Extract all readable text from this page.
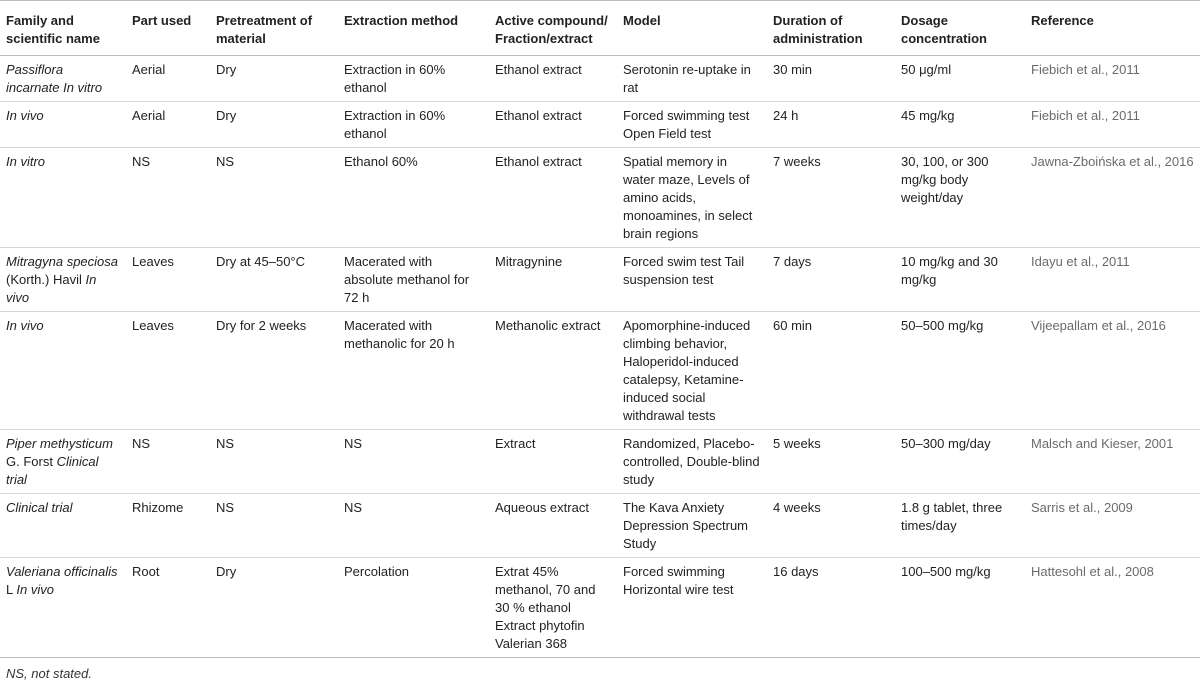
Family and scientific name	Part used	Pretreatment of material	Extraction method	Active compound/ Fraction/extract	Model	Duration of administration	Dosage concentration	Reference
Passiflora incarnate In vitro	Aerial	Dry	Extraction in 60% ethanol	Ethanol extract	Serotonin re-uptake in rat	30 min	50 μg/ml	Fiebich et al., 2011
In vivo	Aerial	Dry	Extraction in 60% ethanol	Ethanol extract	Forced swimming test Open Field test	24 h	45 mg/kg	Fiebich et al., 2011
In vitro	NS	NS	Ethanol 60%	Ethanol extract	Spatial memory in water maze, Levels of amino acids, monoamines, in select brain regions	7 weeks	30, 100, or 300 mg/kg body weight/day	Jawna-Zboińska et al., 2016
Mitragyna speciosa (Korth.) Havil In vivo	Leaves	Dry at 45–50°C	Macerated with absolute methanol for 72 h	Mitragynine	Forced swim test Tail suspension test	7 days	10 mg/kg and 30 mg/kg	Idayu et al., 2011
In vivo	Leaves	Dry for 2 weeks	Macerated with methanolic for 20 h	Methanolic extract	Apomorphine-induced climbing behavior, Haloperidol-induced catalepsy, Ketamine-induced social withdrawal tests	60 min	50–500 mg/kg	Vijeepallam et al., 2016
Piper methysticum G. Forst Clinical trial	NS	NS	NS	Extract	Randomized, Placebo-controlled, Double-blind study	5 weeks	50–300 mg/day	Malsch and Kieser, 2001
Clinical trial	Rhizome	NS	NS	Aqueous extract	The Kava Anxiety Depression Spectrum Study	4 weeks	1.8 g tablet, three times/day	Sarris et al., 2009
Valeriana officinalis L In vivo	Root	Dry	Percolation	Extrat 45% methanol, 70 and 30 % ethanol Extract phytofin Valerian 368	Forced swimming Horizontal wire test	16 days	100–500 mg/kg	Hattesohl et al., 2008
NS, not stated.
